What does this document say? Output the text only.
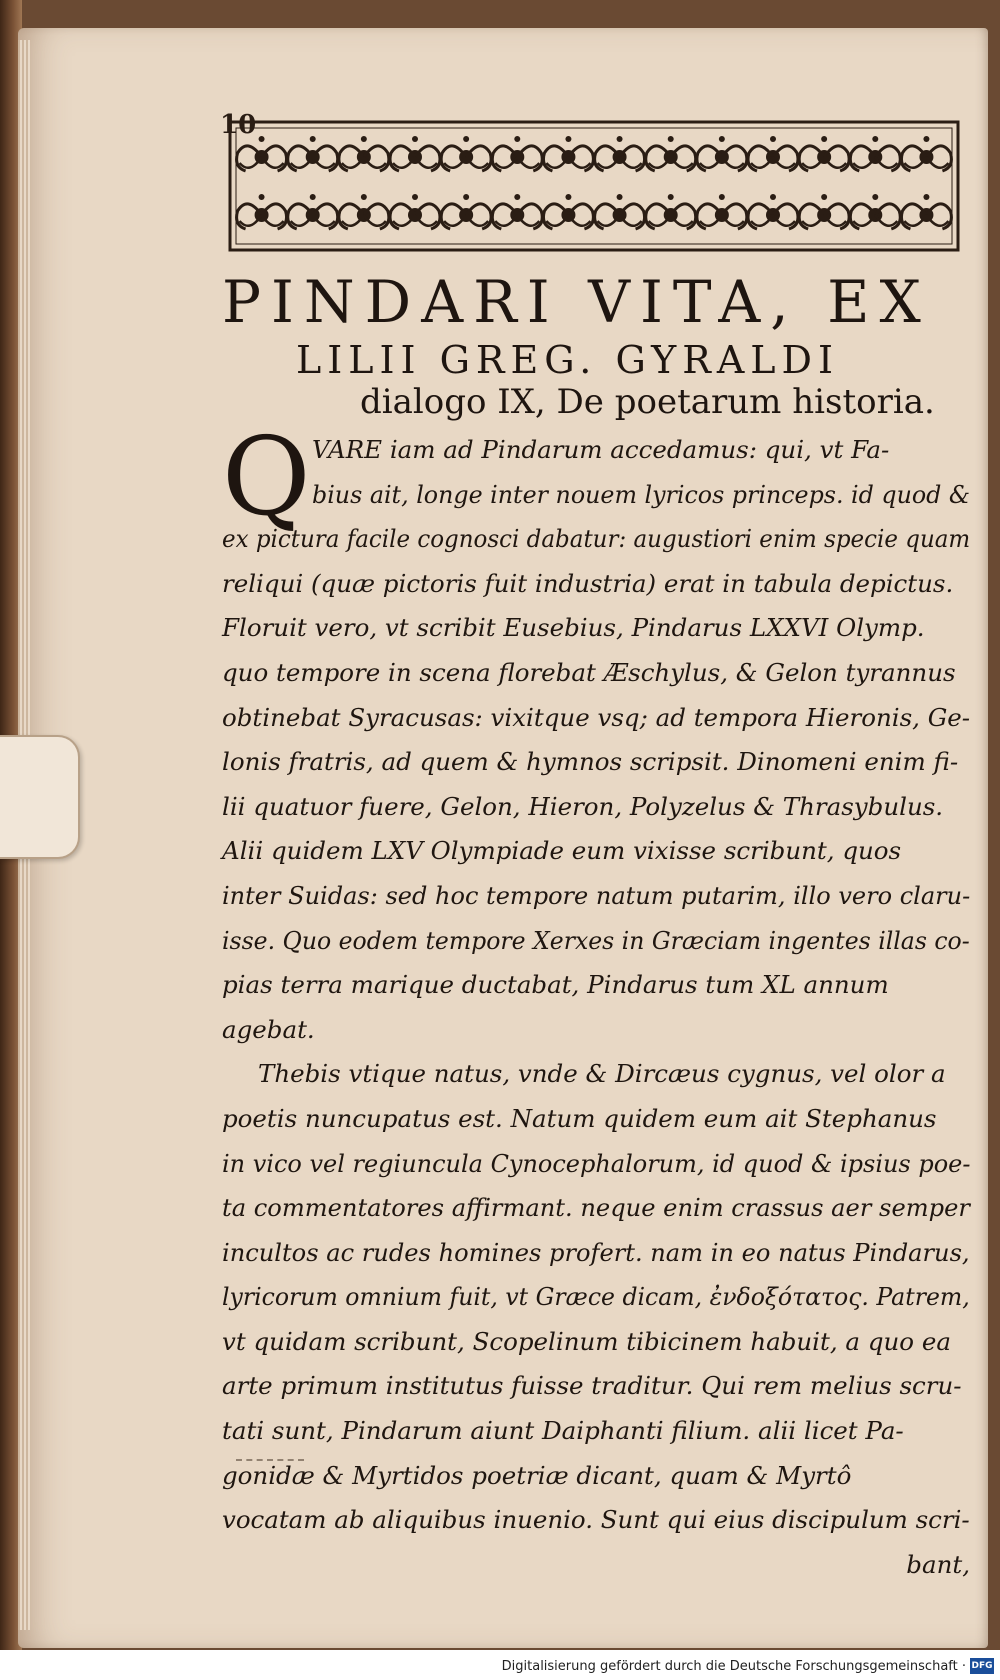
10
PINDARI VITA, EX
LILII GREG. GYRALDI
dialogo IX, De poetarum historia.
Q VARE iam ad Pindarum accedamus: qui, vt Fa-
bius ait, longe inter nouem lyricos princeps. id quod &
ex pictura facile cognosci dabatur: augustiori enim specie quam
reliqui (quæ pictoris fuit industria) erat in tabula depictus.
Floruit vero, vt scribit Eusebius, Pindarus LXXVI Olymp.
quo tempore in scena florebat Æschylus, & Gelon tyrannus
obtinebat Syracusas: vixitque vsq; ad tempora Hieronis, Ge-
lonis fratris, ad quem & hymnos scripsit. Dinomeni enim fi-
lii quatuor fuere, Gelon, Hieron, Polyzelus & Thrasybulus.
Alii quidem LXV Olympiade eum vixisse scribunt, quos
inter Suidas: sed hoc tempore natum putarim, illo vero claru-
isse. Quo eodem tempore Xerxes in Græciam ingentes illas co-
pias terra marique ductabat, Pindarus tum XL annum
agebat.
Thebis vtique natus, vnde & Dircæus cygnus, vel olor a
poetis nuncupatus est. Natum quidem eum ait Stephanus
in vico vel regiuncula Cynocephalorum, id quod & ipsius poe-
ta commentatores affirmant. neque enim crassus aer semper
incultos ac rudes homines profert. nam in eo natus Pindarus,
lyricorum omnium fuit, vt Græce dicam, ἐνδοξότατος. Patrem,
vt quidam scribunt, Scopelinum tibicinem habuit, a quo ea
arte primum institutus fuisse traditur. Qui rem melius scru-
tati sunt, Pindarum aiunt Daiphanti filium. alii licet Pa-
gonidæ & Myrtidos poetriæ dicant, quam & Myrtô
vocatam ab aliquibus inuenio. Sunt qui eius discipulum scri-
bant,
Digitalisierung gefördert durch die Deutsche Forschungsgemeinschaft · DFG
